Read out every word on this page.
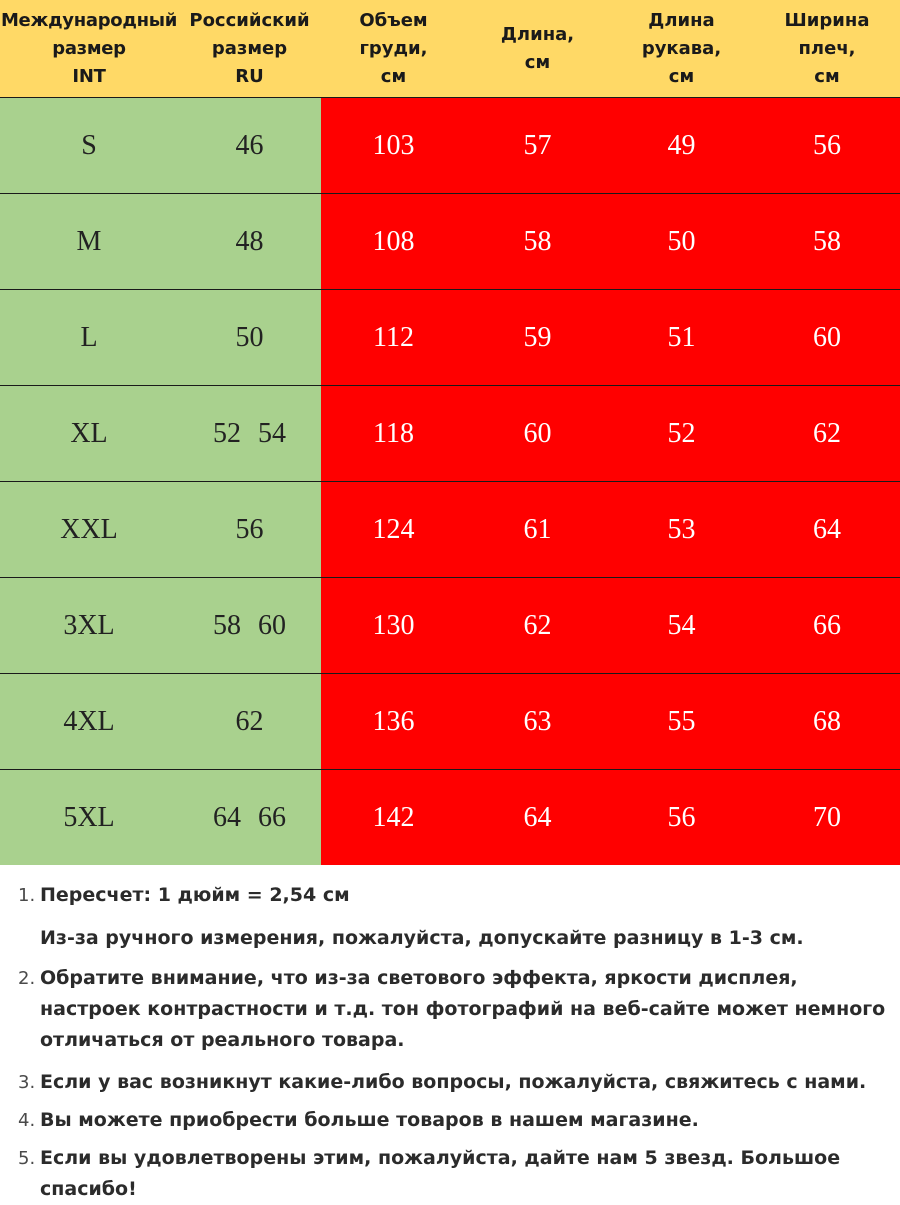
Международный
размер
INT	Российский
размер
RU	Объем
груди,
см	Длина,
см	Длина
рукава,
см	Ширина
плеч,
см
S	46	103	57	49	56
M	48	108	58	50	58
L	50	112	59	51	60
XL	52 54	118	60	52	62
XXL	56	124	61	53	64
3XL	58 60	130	62	54	66
4XL	62	136	63	55	68
5XL	64 66	142	64	56	70
1. Пересчет: 1 дюйм = 2,54 см
Из-за ручного измерения, пожалуйста, допускайте разницу в 1-3 см.
2. Обратите внимание, что из-за светового эффекта, яркости дисплея, настроек контрастности и т.д. тон фотографий на веб-сайте может немного отличаться от реального товара.
3. Если у вас возникнут какие-либо вопросы, пожалуйста, свяжитесь с нами.
4. Вы можете приобрести больше товаров в нашем магазине.
5. Если вы удовлетворены этим, пожалуйста, дайте нам 5 звезд. Большое спасибо!
